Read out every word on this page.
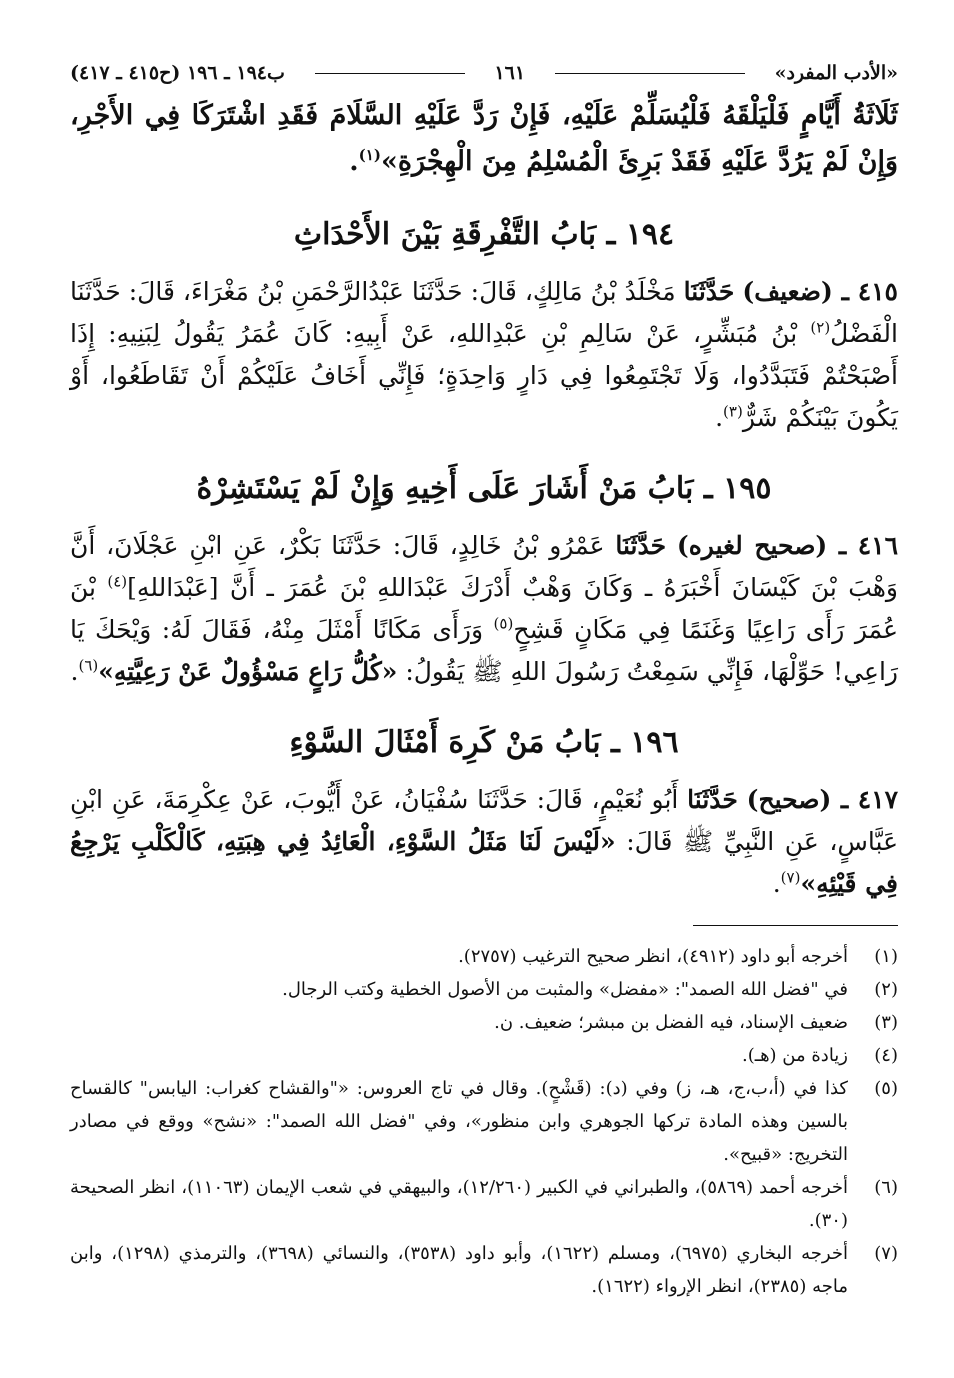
«الأدب المفرد»
١٦١
ب١٩٤ ـ ١٩٦ (ح٤١٥ ـ ٤١٧)

ثَلَاثَةُ أَيَّامٍ فَلْيَلْقَهُ فَلْيُسَلِّمْ عَلَيْهِ، فَإِنْ رَدَّ عَلَيْهِ السَّلَامَ فَقَدِ اشْتَرَكَا فِي الأَجْرِ، وَإِنْ لَمْ يَرُدَّ عَلَيْهِ فَقَدْ بَرِئَ الْمُسْلِمُ مِنَ الْهِجْرَةِ»$^{(١)}$.

١٩٤ ـ بَابُ التَّفْرِقَةِ بَيْنَ الأَحْدَاثِ

٤١٥ ـ (ضعيف) حَدَّثَنَا مَخْلَدُ بْنُ مَالِكٍ، قَالَ: حَدَّثَنَا عَبْدُالرَّحْمَنِ بْنُ مَغْرَاءَ، قَالَ: حَدَّثَنَا الْفَضْلُ$^{(٢)}$ بْنُ مُبَشِّرٍ، عَنْ سَالِمِ بْنِ عَبْدِاللهِ، عَنْ أَبِيهِ: كَانَ عُمَرُ يَقُولُ لِبَنِيهِ: إِذَا أَصْبَحْتُمْ فَتَبَدَّدُوا، وَلَا تَجْتَمِعُوا فِي دَارٍ وَاحِدَةٍ؛ فَإِنِّي أَخَافُ عَلَيْكُمْ أَنْ تَقَاطَعُوا، أَوْ يَكُونَ بَيْنَكُمْ شَرٌّ$^{(٣)}$.

١٩٥ ـ بَابُ مَنْ أَشَارَ عَلَى أَخِيهِ وَإِنْ لَمْ يَسْتَشِرْهُ

٤١٦ ـ (صحيح لغيره) حَدَّثَنَا عَمْرُو بْنُ خَالِدٍ، قَالَ: حَدَّثَنَا بَكْرٌ، عَنِ ابْنِ عَجْلَانَ، أَنَّ وَهْبَ بْنَ كَيْسَانَ أَخْبَرَهُ ـ وَكَانَ وَهْبٌ أَدْرَكَ عَبْدَاللهِ بْنَ عُمَرَ ـ أَنَّ [عَبْدَاللهِ]$^{(٤)}$ بْنَ عُمَرَ رَأَى رَاعِيًا وَغَنَمًا فِي مَكَانٍ قَشِحٍ$^{(٥)}$ وَرَأَى مَكَانًا أَمْثَلَ مِنْهُ، فَقَالَ لَهُ: وَيْحَكَ يَا رَاعِي! حَوِّلْهَا، فَإِنِّي سَمِعْتُ رَسُولَ اللهِ ﷺ يَقُولُ: «كُلُّ رَاعٍ مَسْؤُولٌ عَنْ رَعِيَّتِهِ»$^{(٦)}$.

١٩٦ ـ بَابُ مَنْ كَرِهَ أَمْثَالَ السَّوْءِ

٤١٧ ـ (صحيح) حَدَّثَنَا أَبُو نُعَيْمٍ، قَالَ: حَدَّثَنَا سُفْيَانُ، عَنْ أَيُّوبَ، عَنْ عِكْرِمَةَ، عَنِ ابْنِ عَبَّاسٍ، عَنِ النَّبِيِّ ﷺ قَالَ: «لَيْسَ لَنَا مَثَلُ السَّوْءِ، الْعَائِدُ فِي هِبَتِهِ، كَالْكَلْبِ يَرْجِعُ فِي قَيْئِهِ»$^{(٧)}$.

(١)
أخرجه أبو داود (٤٩١٢)، انظر صحيح الترغيب (٢٧٥٧).
(٢)
في "فضل الله الصمد": «مفضل» والمثبت من الأصول الخطية وكتب الرجال.
(٣)
ضعيف الإسناد، فيه الفضل بن مبشر؛ ضعيف. ن.
(٤)
زيادة من (هـ).
(٥)
كذا في (أ،ب،ج، هـ، ز) وفي (د): (قَشْحٍ). وقال في تاج العروس: «"والقشاح كغراب: اليابس" كالقساح بالسين وهذه المادة تركها الجوهري وابن منظور»، وفي "فضل الله الصمد": «نشح» ووقع في مصادر التخريج: «قبيح».
(٦)
أخرجه أحمد (٥٨٦٩)، والطبراني في الكبير (١٢/٢٦٠)، والبيهقي في شعب الإيمان (١١٠٦٣)، انظر الصحيحة (٣٠).
(٧)
أخرجه البخاري (٦٩٧٥)، ومسلم (١٦٢٢)، وأبو داود (٣٥٣٨)، والنسائي (٣٦٩٨)، والترمذي (١٢٩٨)، وابن ماجه (٢٣٨٥)، انظر الإرواء (١٦٢٢).
